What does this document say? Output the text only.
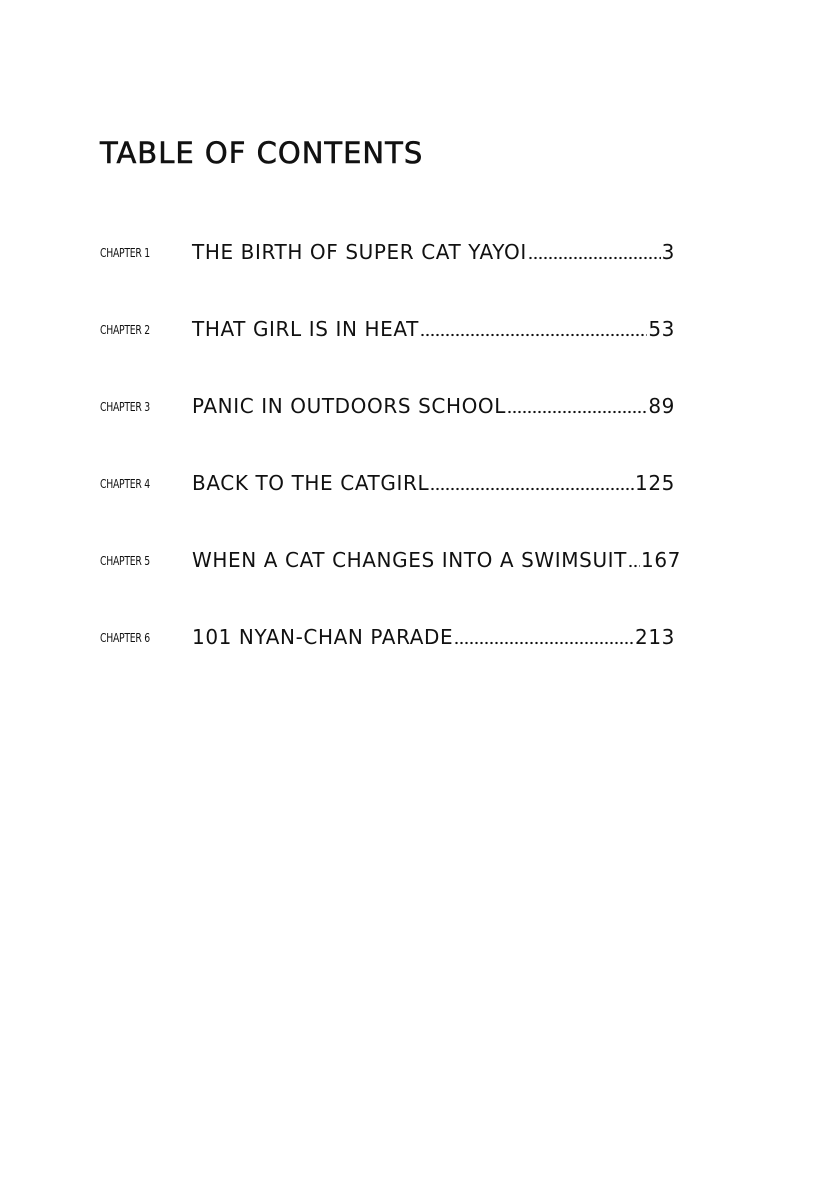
TABLE OF CONTENTS
CHAPTER 1	THE BIRTH OF SUPER CAT YAYOI	3
CHAPTER 2	THAT GIRL IS IN HEAT	53
CHAPTER 3	PANIC IN OUTDOORS SCHOOL	89
CHAPTER 4	BACK TO THE CATGIRL	125
CHAPTER 5	WHEN A CAT CHANGES INTO A SWIMSUIT 167
CHAPTER 6	101 NYAN-CHAN PARADE	213
